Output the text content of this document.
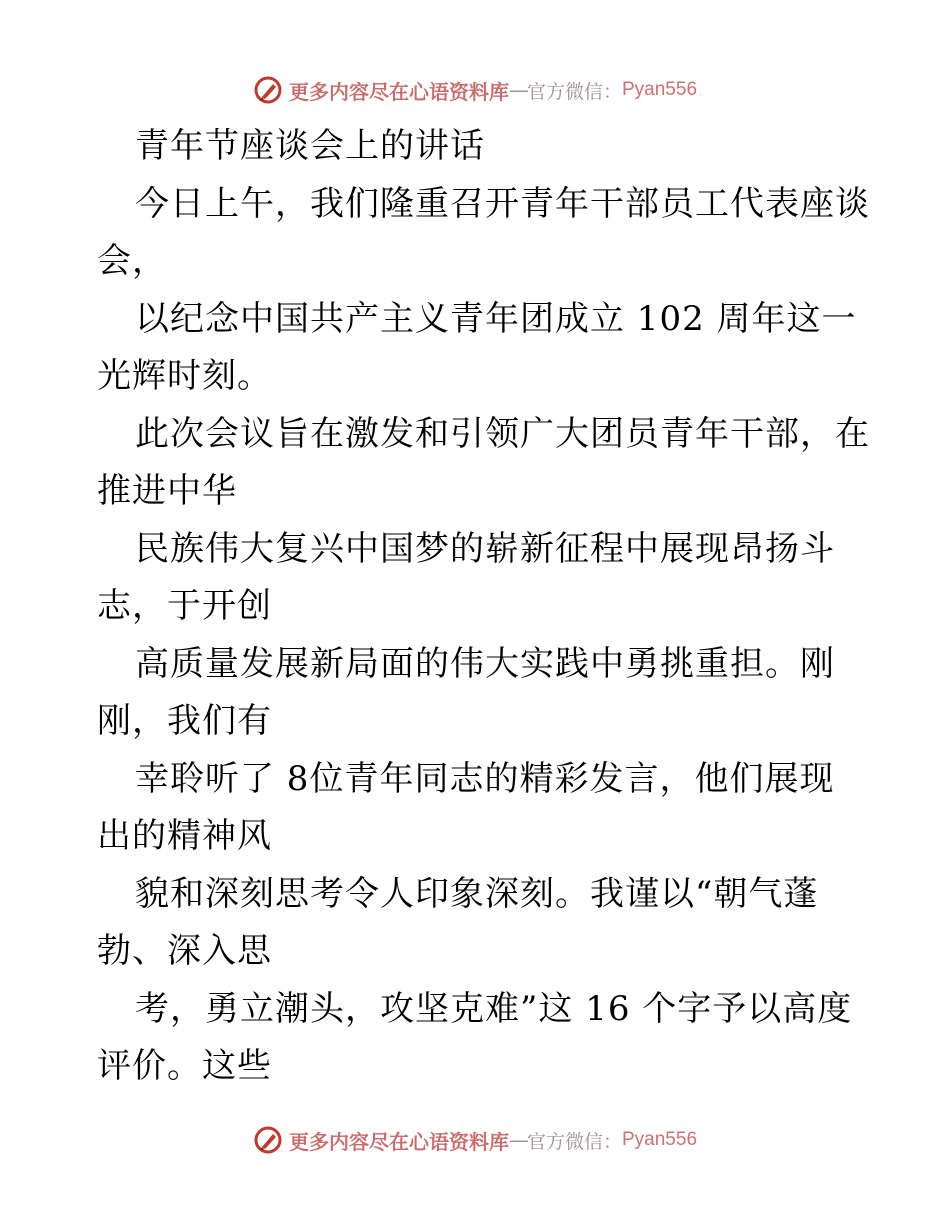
更多内容尽在心语资料库 — 官方微信： Pyan556
青年节座谈会上的讲话
今日上午，我们隆重召开青年干部员工代表座谈
会，
以纪念中国共产主义青年团成立 102 周年这一
光辉时刻。
此次会议旨在激发和引领广大团员青年干部，在
推进中华
民族伟大复兴中国梦的崭新征程中展现昂扬斗
志，于开创
高质量发展新局面的伟大实践中勇挑重担。刚
刚，我们有
幸聆听了 8位青年同志的精彩发言，他们展现
出的精神风
貌和深刻思考令人印象深刻。我谨以“朝气蓬
勃、深入思
考，勇立潮头，攻坚克难”这 16 个字予以高度
评价。这些
更多内容尽在心语资料库 — 官方微信： Pyan556
